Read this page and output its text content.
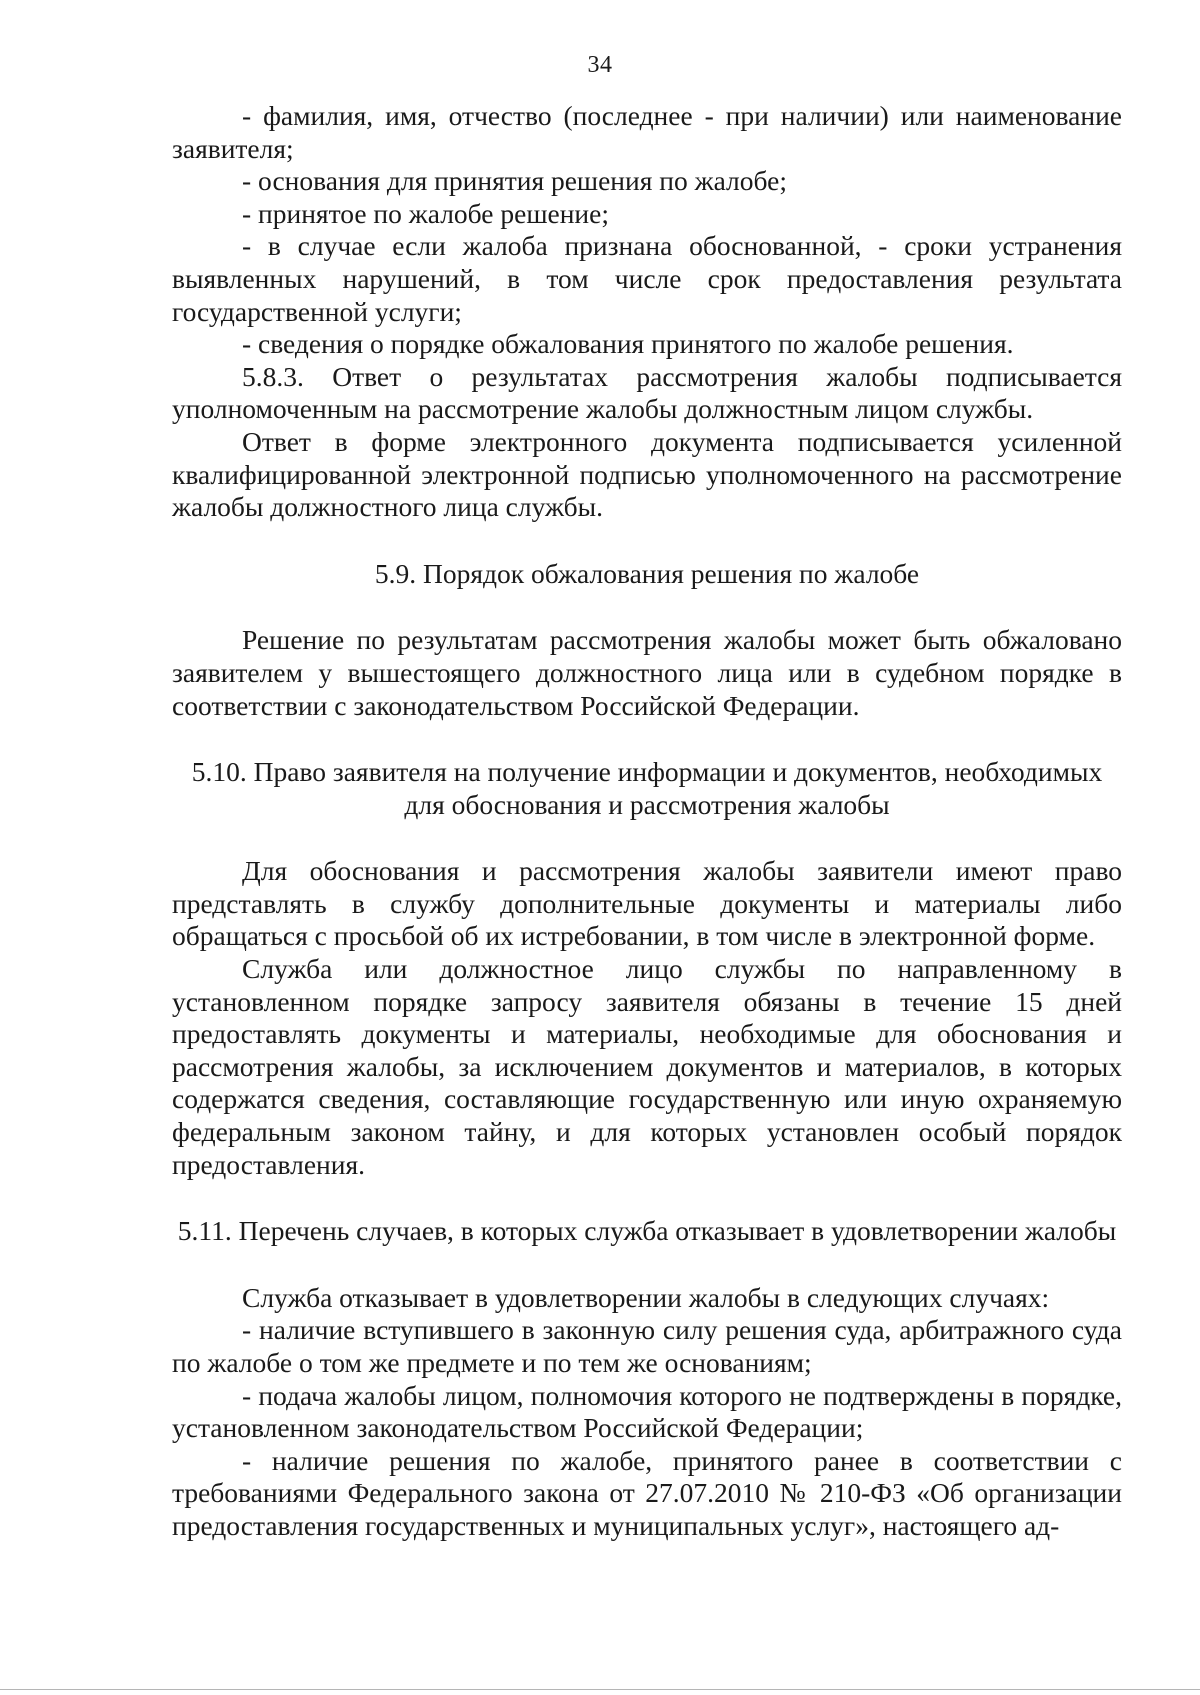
34

- фамилия, имя, отчество (последнее - при наличии) или наименование заявителя;

- основания для принятия решения по жалобе;

- принятое по жалобе решение;

- в случае если жалоба признана обоснованной, - сроки устранения выявленных нарушений, в том числе срок предоставления результата государственной услуги;

- сведения о порядке обжалования принятого по жалобе решения.

5.8.3. Ответ о результатах рассмотрения жалобы подписывается уполномоченным на рассмотрение жалобы должностным лицом службы.

Ответ в форме электронного документа подписывается усиленной квалифицированной электронной подписью уполномоченного на рассмотрение жалобы должностного лица службы.

5.9. Порядок обжалования решения по жалобе

Решение по результатам рассмотрения жалобы может быть обжаловано заявителем у вышестоящего должностного лица или в судебном порядке в соответствии с законодательством Российской Федерации.

5.10. Право заявителя на получение информации и документов, необходимых для обоснования и рассмотрения жалобы

Для обоснования и рассмотрения жалобы заявители имеют право представлять в службу дополнительные документы и материалы либо обращаться с просьбой об их истребовании, в том числе в электронной форме.

Служба или должностное лицо службы по направленному в установленном порядке запросу заявителя обязаны в течение 15 дней предоставлять документы и материалы, необходимые для обоснования и рассмотрения жалобы, за исключением документов и материалов, в которых содержатся сведения, составляющие государственную или иную охраняемую федеральным законом тайну, и для которых установлен особый порядок предоставления.

5.11. Перечень случаев, в которых служба отказывает в удовлетворении жалобы

Служба отказывает в удовлетворении жалобы в следующих случаях:

- наличие вступившего в законную силу решения суда, арбитражного суда по жалобе о том же предмете и по тем же основаниям;

- подача жалобы лицом, полномочия которого не подтверждены в порядке, установленном законодательством Российской Федерации;

- наличие решения по жалобе, принятого ранее в соответствии с требованиями Федерального закона от 27.07.2010 № 210-ФЗ «Об организации предоставления государственных и муниципальных услуг», настоящего ад-
